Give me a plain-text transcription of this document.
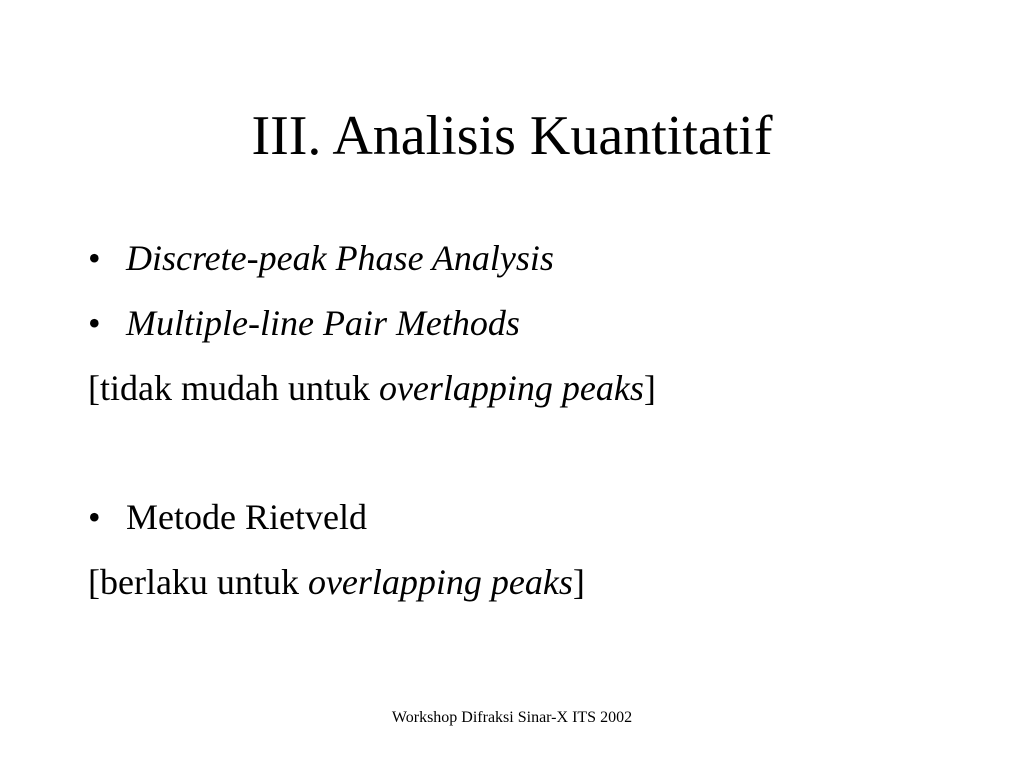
III. Analisis Kuantitatif
• Discrete-peak Phase Analysis
• Multiple-line Pair Methods
[tidak mudah untuk overlapping peaks]
• Metode Rietveld
[berlaku untuk overlapping peaks]
Workshop Difraksi Sinar-X ITS 2002
